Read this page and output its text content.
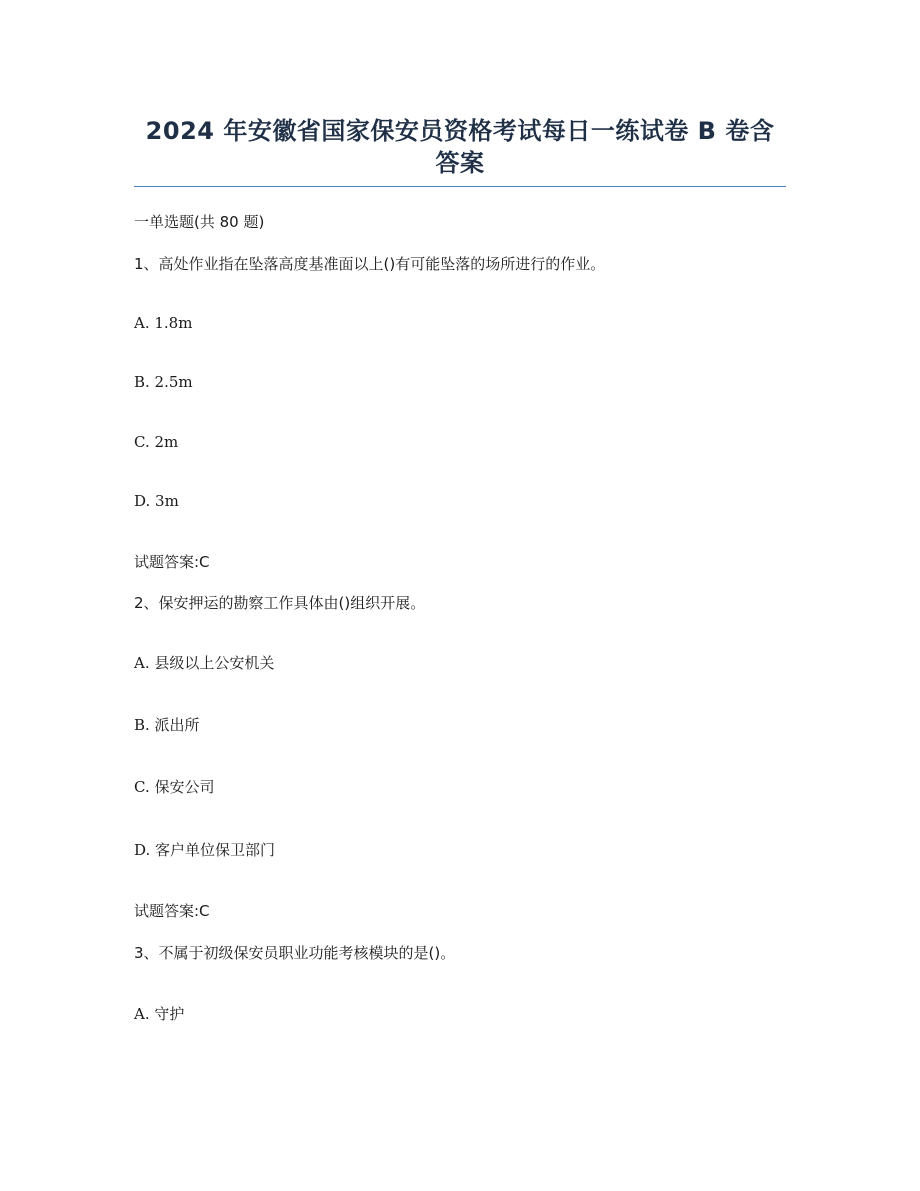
2024 年安徽省国家保安员资格考试每日一练试卷 B 卷含答案
一单选题(共 80 题)
1、高处作业指在坠落高度基准面以上()有可能坠落的场所进行的作业。
A. 1.8m
B. 2.5m
C. 2m
D. 3m
试题答案:C
2、保安押运的勘察工作具体由()组织开展。
A. 县级以上公安机关
B. 派出所
C. 保安公司
D. 客户单位保卫部门
试题答案:C
3、不属于初级保安员职业功能考核模块的是()。
A. 守护
